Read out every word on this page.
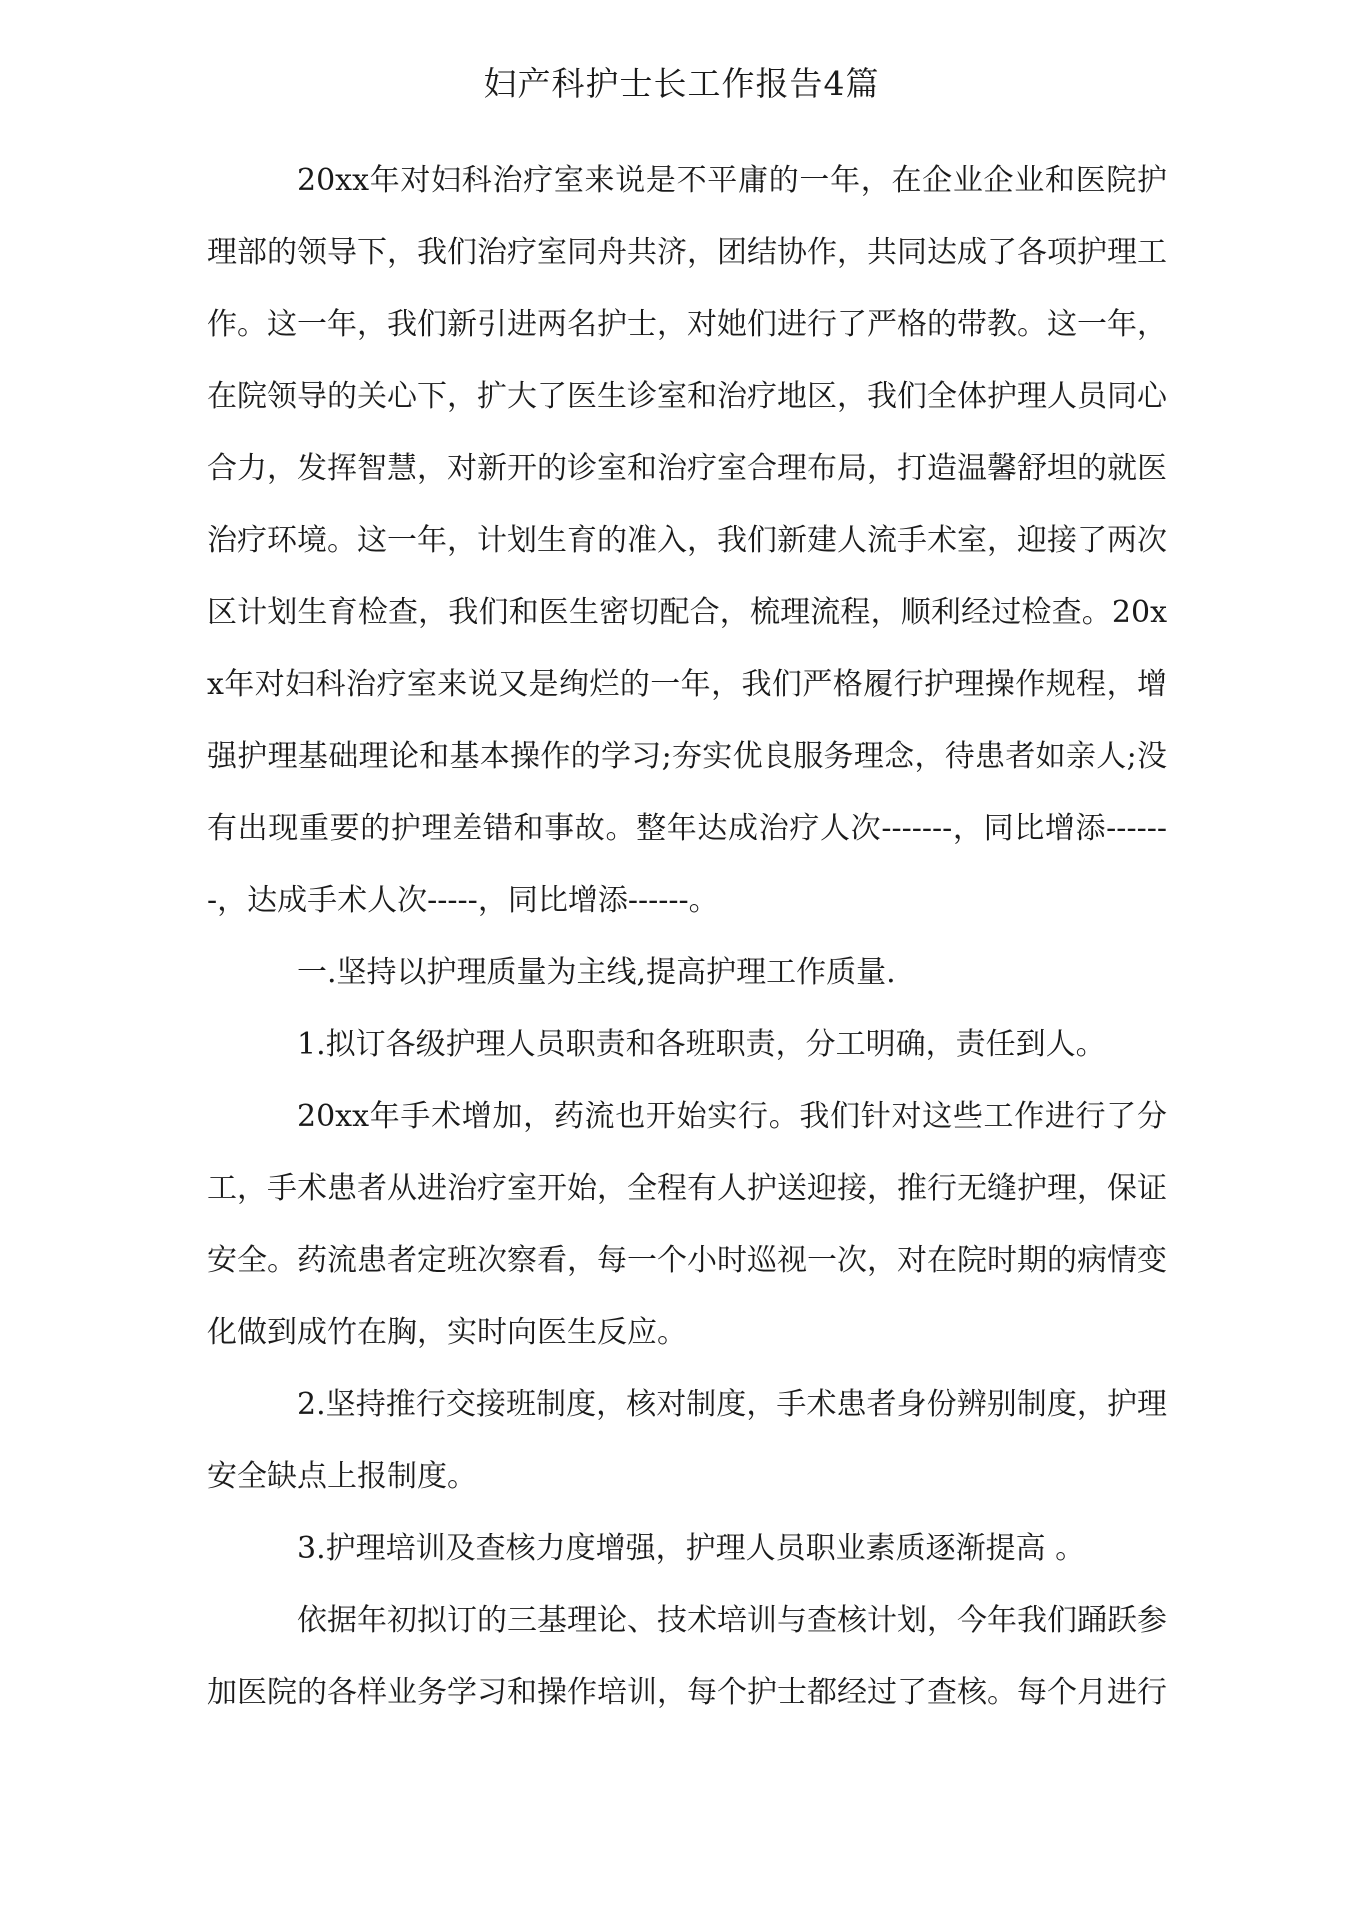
妇产科护士长工作报告4篇

20xx年对妇科治疗室来说是不平庸的一年，在企业企业和医院护理部的领导下，我们治疗室同舟共济，团结协作，共同达成了各项护理工作。这一年，我们新引进两名护士，对她们进行了严格的带教。这一年，在院领导的关心下，扩大了医生诊室和治疗地区，我们全体护理人员同心合力，发挥智慧，对新开的诊室和治疗室合理布局，打造温馨舒坦的就医治疗环境。这一年，计划生育的准入，我们新建人流手术室，迎接了两次区计划生育检查，我们和医生密切配合，梳理流程，顺利经过检查。20xx年对妇科治疗室来说又是绚烂的一年，我们严格履行护理操作规程，增强护理基础理论和基本操作的学习;夯实优良服务理念，待患者如亲人;没有出现重要的护理差错和事故。整年达成治疗人次-------，同比增添-------，达成手术人次-----，同比增添------。

一.坚持以护理质量为主线,提高护理工作质量.

1.拟订各级护理人员职责和各班职责，分工明确，责任到人。

20xx年手术增加，药流也开始实行。我们针对这些工作进行了分工，手术患者从进治疗室开始，全程有人护送迎接，推行无缝护理，保证安全。药流患者定班次察看，每一个小时巡视一次，对在院时期的病情变化做到成竹在胸，实时向医生反应。

2.坚持推行交接班制度，核对制度，手术患者身份辨别制度，护理安全缺点上报制度。

3.护理培训及查核力度增强，护理人员职业素质逐渐提高 。

依据年初拟订的三基理论、技术培训与查核计划，今年我们踊跃参加医院的各样业务学习和操作培训，每个护士都经过了查核。每个月进行
